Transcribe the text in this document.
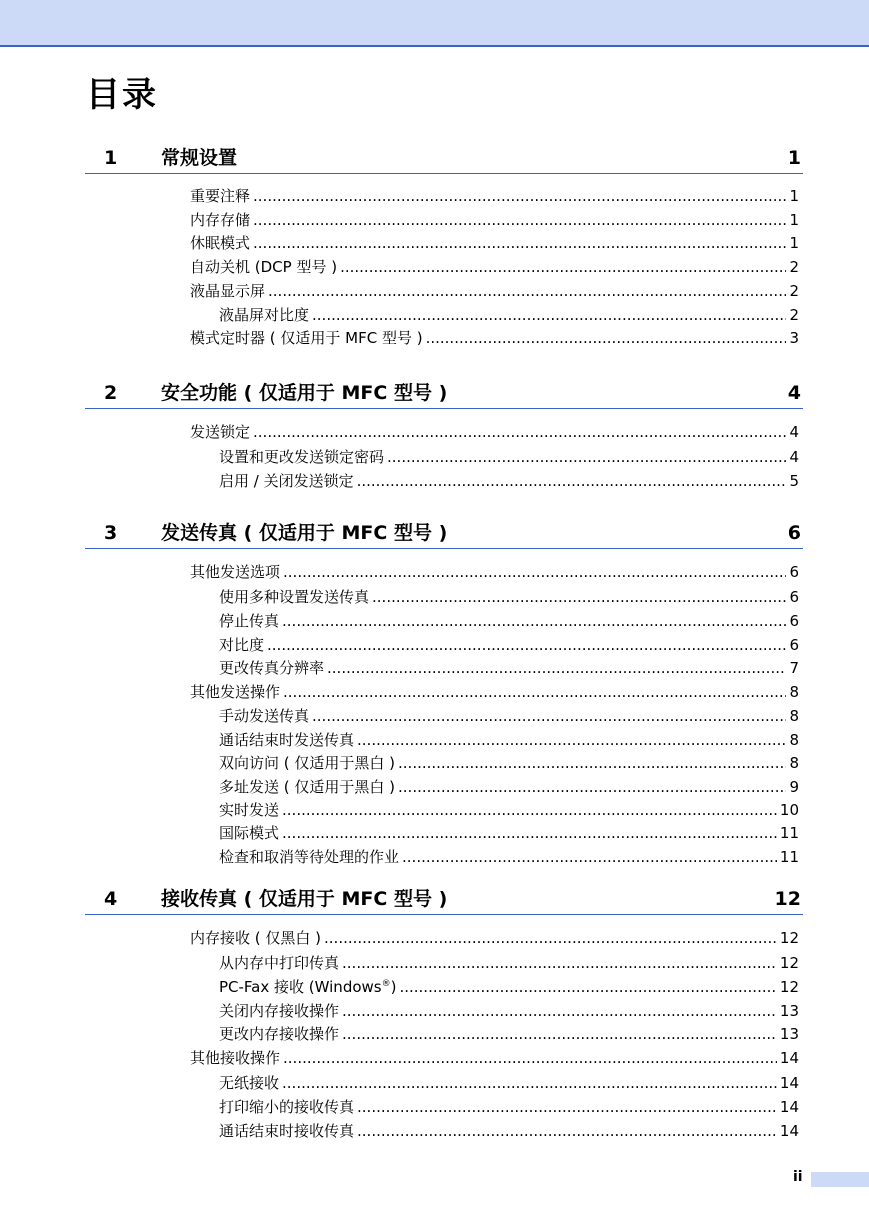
目录
1 常规设置	1
重要注释 .....	1
内存存储 .....	1
休眠模式 .....	1
自动关机 (DCP 型号 ) .....	2
液晶显示屏 .....	2
液晶屏对比度 .....	2
模式定时器 ( 仅适用于 MFC 型号 ) .....	3
2 安全功能 ( 仅适用于 MFC 型号 )	4
发送锁定 .....	4
设置和更改发送锁定密码 .....	4
启用 / 关闭发送锁定 .....	5
3 发送传真 ( 仅适用于 MFC 型号 )	6
其他发送选项 .....	6
使用多种设置发送传真 .....	6
停止传真 .....	6
对比度 .....	6
更改传真分辨率 .....	7
其他发送操作 .....	8
手动发送传真 .....	8
通话结束时发送传真 .....	8
双向访问 ( 仅适用于黑白 ) .....	8
多址发送 ( 仅适用于黑白 ) .....	9
实时发送 .....	10
国际模式 .....	11
检查和取消等待处理的作业 .....	11
4 接收传真 ( 仅适用于 MFC 型号 )	12
内存接收 ( 仅黑白 ) .....	12
从内存中打印传真 .....	12
PC-Fax 接收 (Windows®) .....	12
关闭内存接收操作 .....	13
更改内存接收操作 .....	13
其他接收操作 .....	14
无纸接收 .....	14
打印缩小的接收传真 .....	14
通话结束时接收传真 .....	14
ii
